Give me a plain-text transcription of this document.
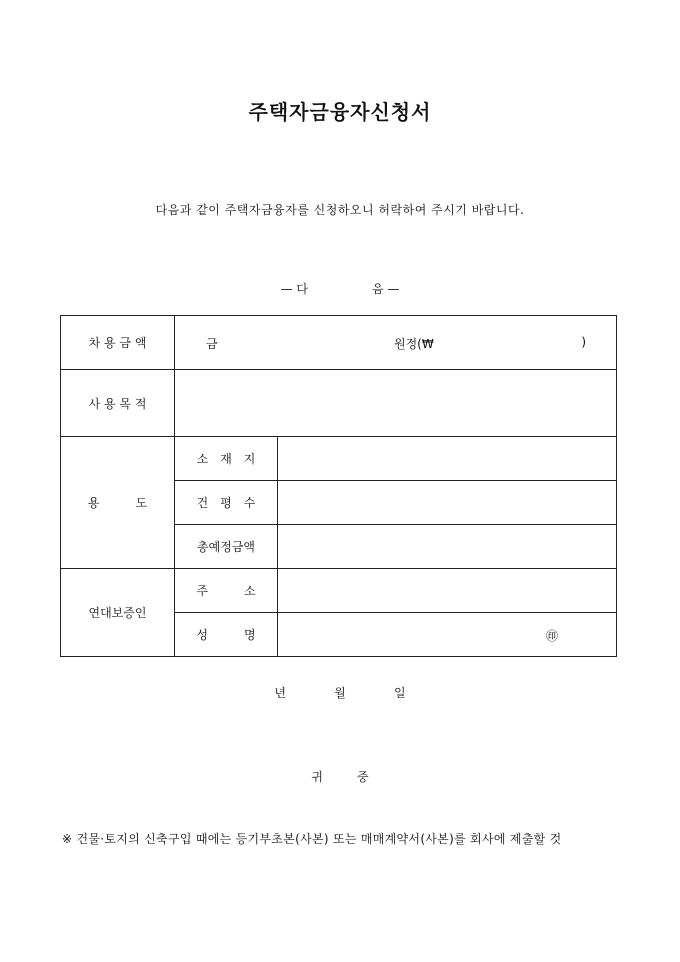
주택자금융자신청서
다음과 같이 주택자금융자를 신청하오니 허락하여 주시기 바랍니다.
— 다	음 —
차 용 금 액	금 원정(₩ )	

사 용 목 적		
용　　　도	소　재　지	
	건　평　수	
	총예정금액	
연대보증인	주　　　소	
	성　　　명	㊞
년	월	일
귀	중
※ 건물·토지의 신축구입 때에는 등기부초본(사본) 또는 매매계약서(사본)를 회사에 제출할 것
